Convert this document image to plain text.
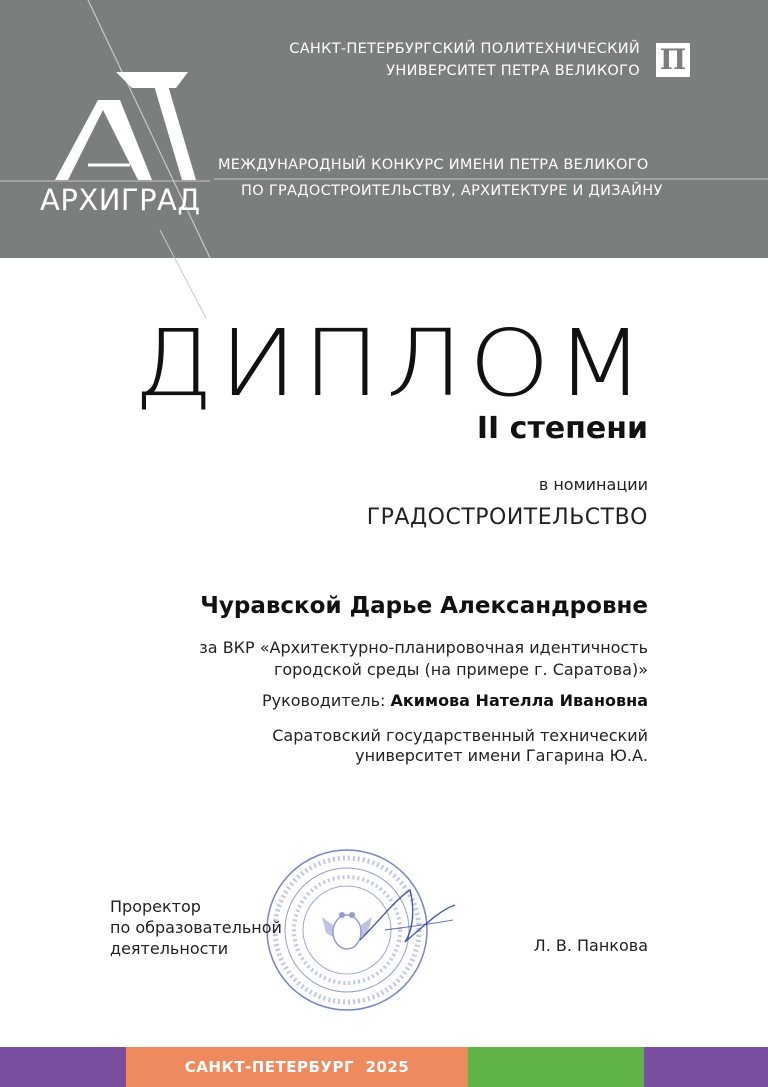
АРХИГРАД
САНКТ-ПЕТЕРБУРГСКИЙ ПОЛИТЕХНИЧЕСКИЙ
УНИВЕРСИТЕТ ПЕТРА ВЕЛИКОГО П
МЕЖДУНАРОДНЫЙ КОНКУРС ИМЕНИ ПЕТРА ВЕЛИКОГО
ПО ГРАДОСТРОИТЕЛЬСТВУ, АРХИТЕКТУРЕ И ДИЗАЙНУ
ДИПЛОМ
II степени
в номинации
ГРАДОСТРОИТЕЛЬСТВО
Чуравской Дарье Александровне
за ВКР «Архитектурно-планировочная идентичность
городской среды (на примере г. Саратова)»
Руководитель: Акимова Нателла Ивановна
Саратовский государственный технический
университет имени Гагарина Ю.А.
Проректор
по образовательной
деятельности	Л. В. Панкова
САНКТ-ПЕТЕРБУРГ  2025
